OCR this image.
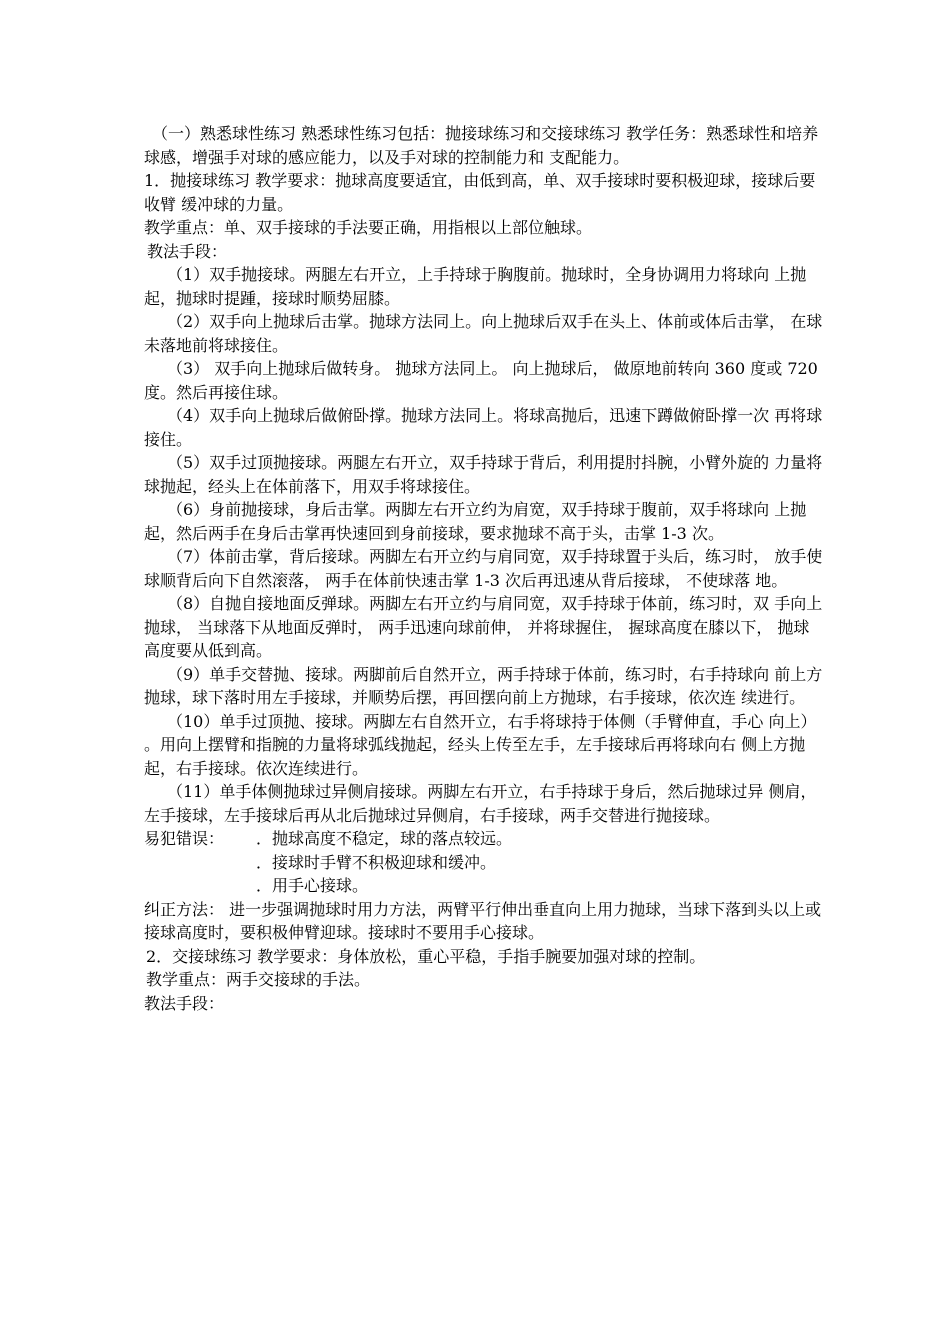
（一）熟悉球性练习 熟悉球性练习包括：抛接球练习和交接球练习 教学任务：熟悉球性和培养球感，增强手对球的感应能力，以及手对球的控制能力和 支配能力。

1．抛接球练习 教学要求：抛球高度要适宜，由低到高，单、双手接球时要积极迎球，接球后要收臂 缓冲球的力量。

教学重点：单、双手接球的手法要正确，用指根以上部位触球。

教法手段：

（1）双手抛接球。两腿左右开立，上手持球于胸腹前。抛球时，全身协调用力将球向 上抛起，抛球时提踵，接球时顺势屈膝。

（2）双手向上抛球后击掌。抛球方法同上。向上抛球后双手在头上、体前或体后击掌， 在球未落地前将球接住。

（3） 双手向上抛球后做转身。 抛球方法同上。 向上抛球后， 做原地前转向 360 度或 720 度。然后再接住球。

（4）双手向上抛球后做俯卧撑。抛球方法同上。将球高抛后，迅速下蹲做俯卧撑一次 再将球接住。

（5）双手过顶抛接球。两腿左右开立，双手持球于背后，利用提肘抖腕，小臂外旋的 力量将球抛起，经头上在体前落下，用双手将球接住。

（6）身前抛接球，身后击掌。两脚左右开立约为肩宽，双手持球于腹前，双手将球向 上抛起，然后两手在身后击掌再快速回到身前接球，要求抛球不高于头，击掌 1-3 次。

（7）体前击掌，背后接球。两脚左右开立约与肩同宽，双手持球置于头后，练习时， 放手使球顺背后向下自然滚落， 两手在体前快速击掌 1-3 次后再迅速从背后接球， 不使球落 地。

（8）自抛自接地面反弹球。两脚左右开立约与肩同宽，双手持球于体前，练习时，双 手向上抛球， 当球落下从地面反弹时， 两手迅速向球前伸， 并将球握住， 握球高度在膝以下， 抛球高度要从低到高。

（9）单手交替抛、接球。两脚前后自然开立，两手持球于体前，练习时，右手持球向 前上方抛球，球下落时用左手接球，并顺势后摆，再回摆向前上方抛球，右手接球，依次连 续进行。

（10）单手过顶抛、接球。两脚左右自然开立，右手将球持于体侧（手臂伸直，手心 向上） 。用向上摆臂和指腕的力量将球弧线抛起，经头上传至左手，左手接球后再将球向右 侧上方抛起，右手接球。依次连续进行。

（11）单手体侧抛球过异侧肩接球。两脚左右开立，右手持球于身后，然后抛球过异 侧肩，左手接球，左手接球后再从北后抛球过异侧肩，右手接球，两手交替进行抛接球。

易犯错误：	．抛球高度不稳定，球的落点较远。
．接球时手臂不积极迎球和缓冲。
．用手心接球。

纠正方法： 进一步强调抛球时用力方法，两臂平行伸出垂直向上用力抛球，当球下落到头以上或 接球高度时，要积极伸臂迎球。接球时不要用手心接球。

2．交接球练习 教学要求：身体放松，重心平稳，手指手腕要加强对球的控制。

教学重点：两手交接球的手法。

教法手段：
